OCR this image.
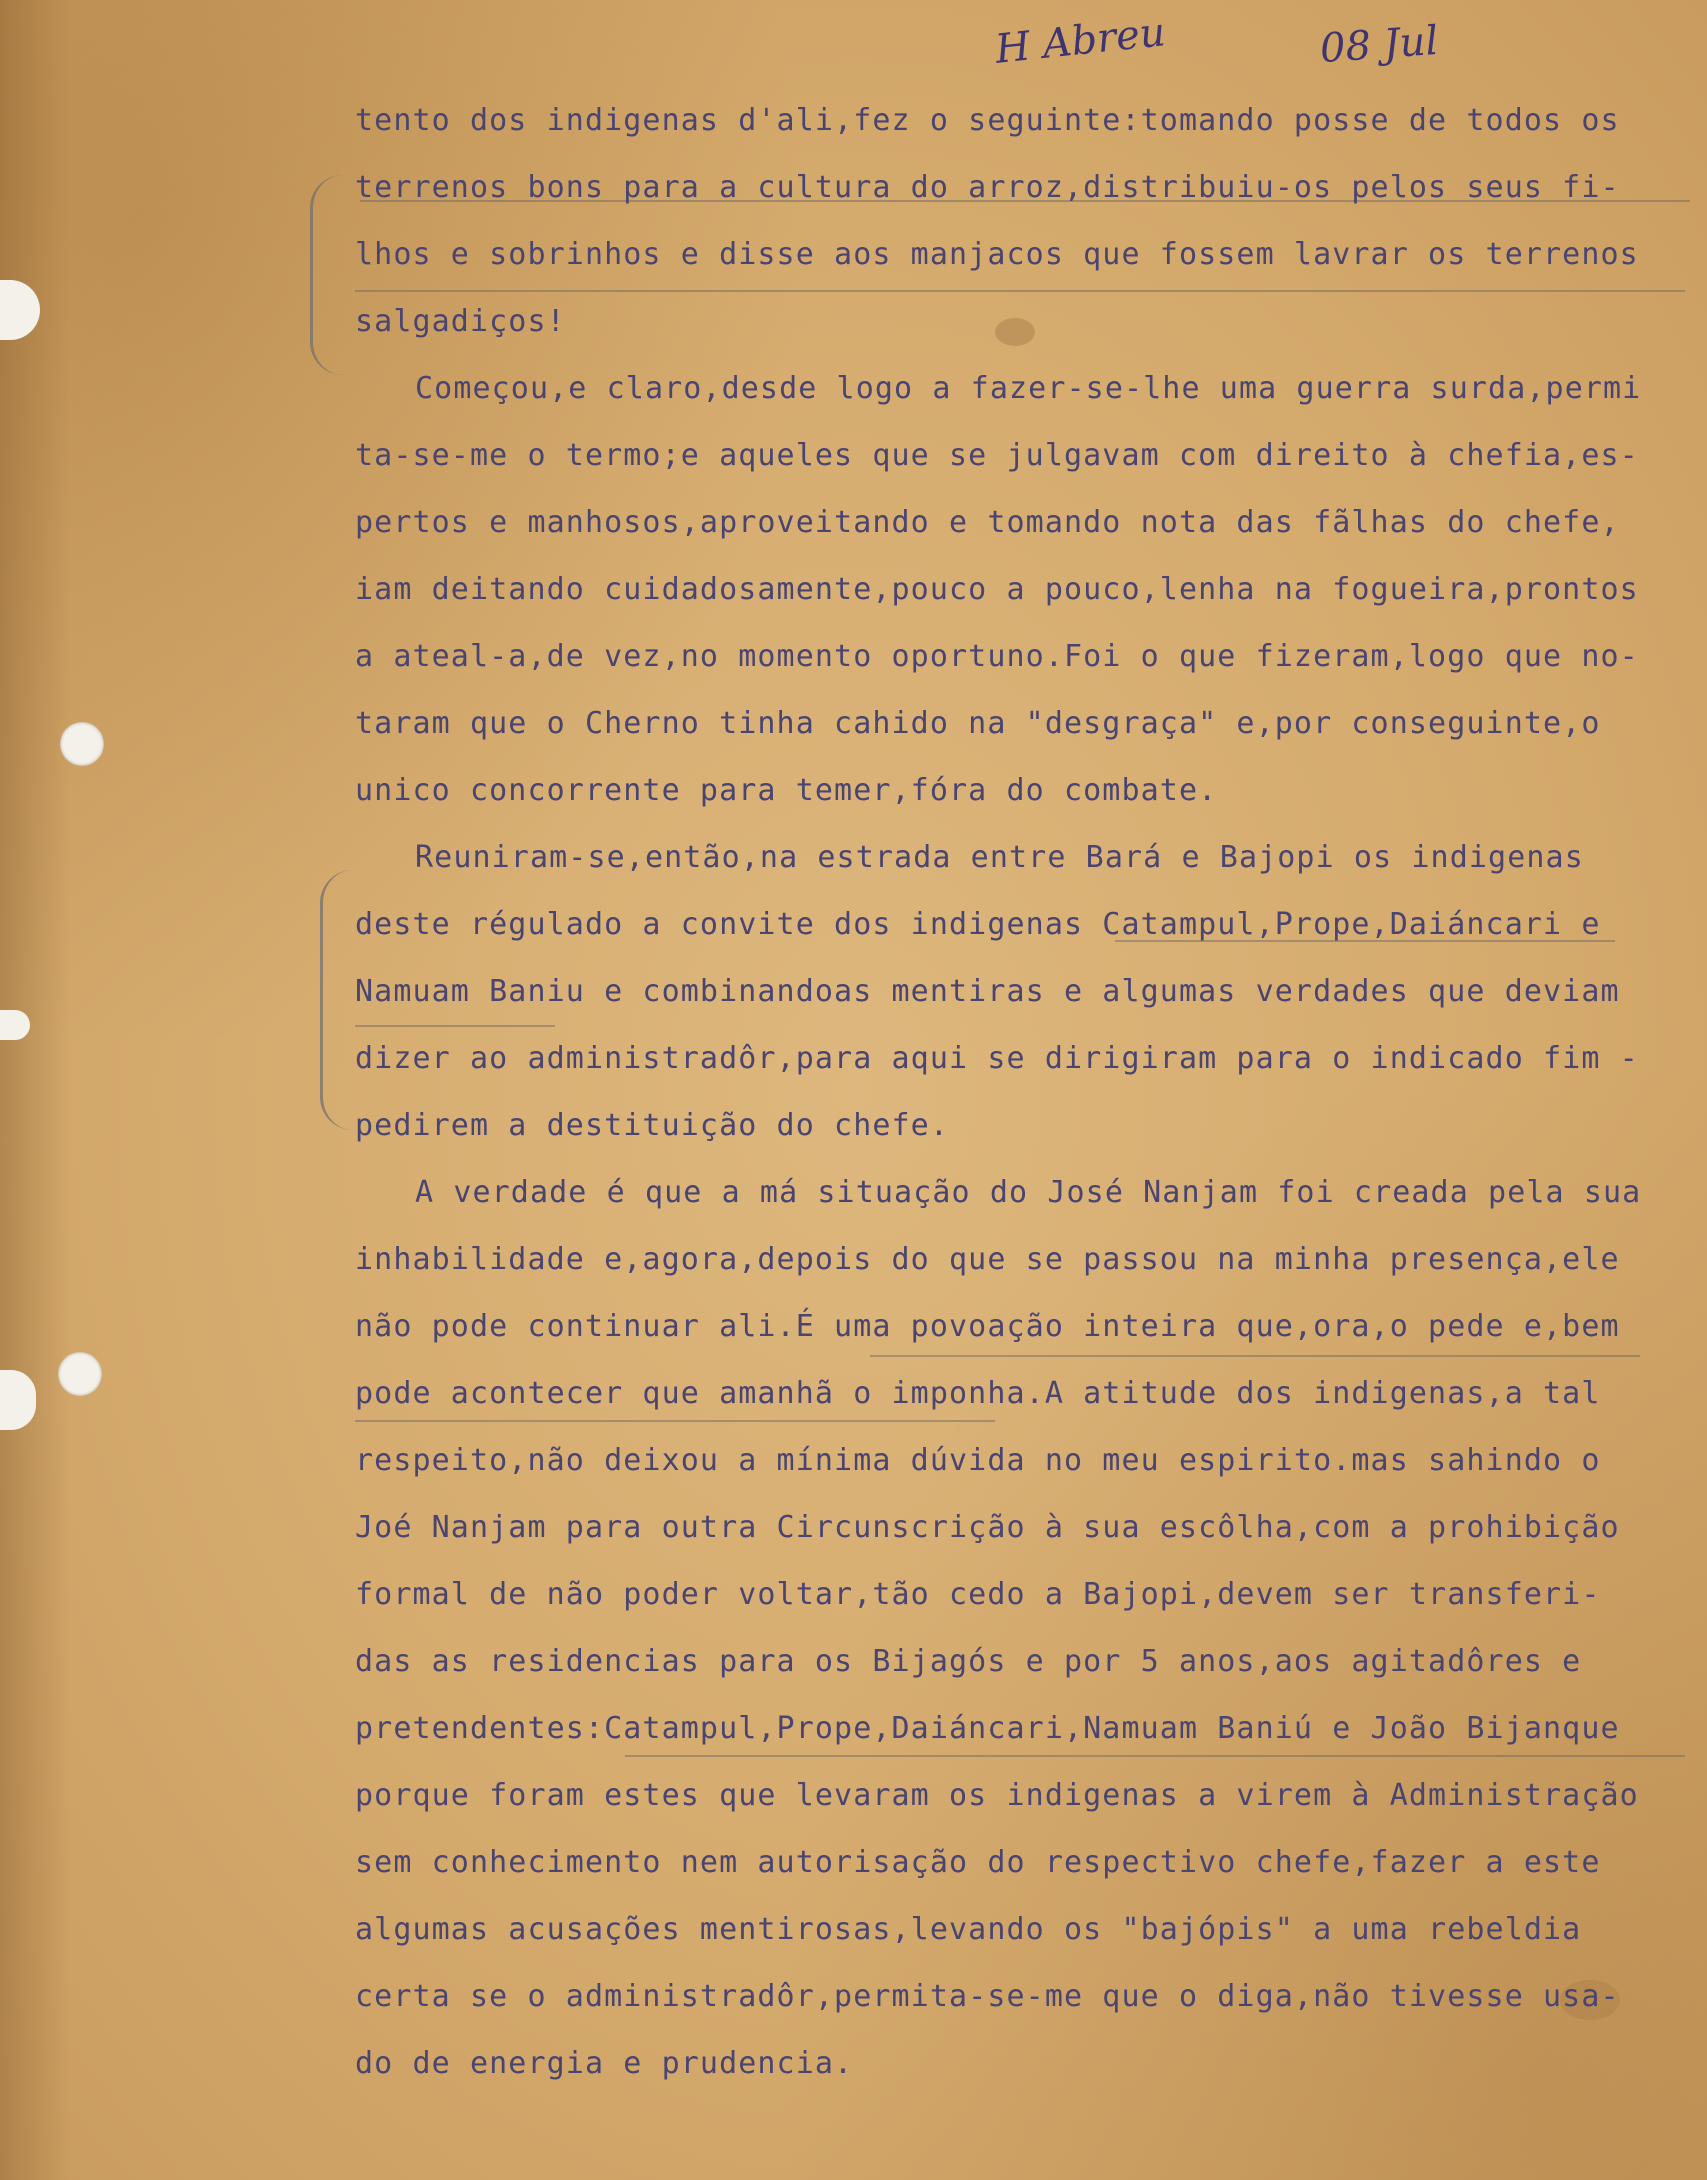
H Abreu	08 Jul
tento dos indigenas d'ali,fez o seguinte:tomando posse de todos os
terrenos bons para a cultura do arroz,distribuiu-os pelos seus fi-
lhos e sobrinhos e disse aos manjacos que fossem lavrar os terrenos
salgadiços!
Começou,e claro,desde logo a fazer-se-lhe uma guerra surda,permi
ta-se-me o termo;e aqueles que se julgavam com direito à chefia,es-
pertos e manhosos,aproveitando e tomando nota das fãlhas do chefe,
iam deitando cuidadosamente,pouco a pouco,lenha na fogueira,prontos
a ateal-a,de vez,no momento oportuno.Foi o que fizeram,logo que no-
taram que o Cherno tinha cahido na "desgraça" e,por conseguinte,o
unico concorrente para temer,fóra do combate.
Reuniram-se,então,na estrada entre Bará e Bajopi os indigenas
deste régulado a convite dos indigenas Catampul,Prope,Daiáncari e
Namuam Baniu e combinandoas mentiras e algumas verdades que deviam
dizer ao administradôr,para aqui se dirigiram para o indicado fim -
pedirem a destituição do chefe.
A verdade é que a má situação do José Nanjam foi creada pela sua
inhabilidade e,agora,depois do que se passou na minha presença,ele
não pode continuar ali.É uma povoação inteira que,ora,o pede e,bem
pode acontecer que amanhã o imponha.A atitude dos indigenas,a tal
respeito,não deixou a mínima dúvida no meu espirito.mas sahindo o
Joé Nanjam para outra Circunscrição à sua escôlha,com a prohibição
formal de não poder voltar,tão cedo a Bajopi,devem ser transferi-
das as residencias para os Bijagós e por 5 anos,aos agitadôres e
pretendentes:Catampul,Prope,Daiáncari,Namuam Baniú e João Bijanque
porque foram estes que levaram os indigenas a virem à Administração
sem conhecimento nem autorisação do respectivo chefe,fazer a este
algumas acusações mentirosas,levando os "bajópis" a uma rebeldia
certa se o administradôr,permita-se-me que o diga,não tivesse usa-
do de energia e prudencia.
